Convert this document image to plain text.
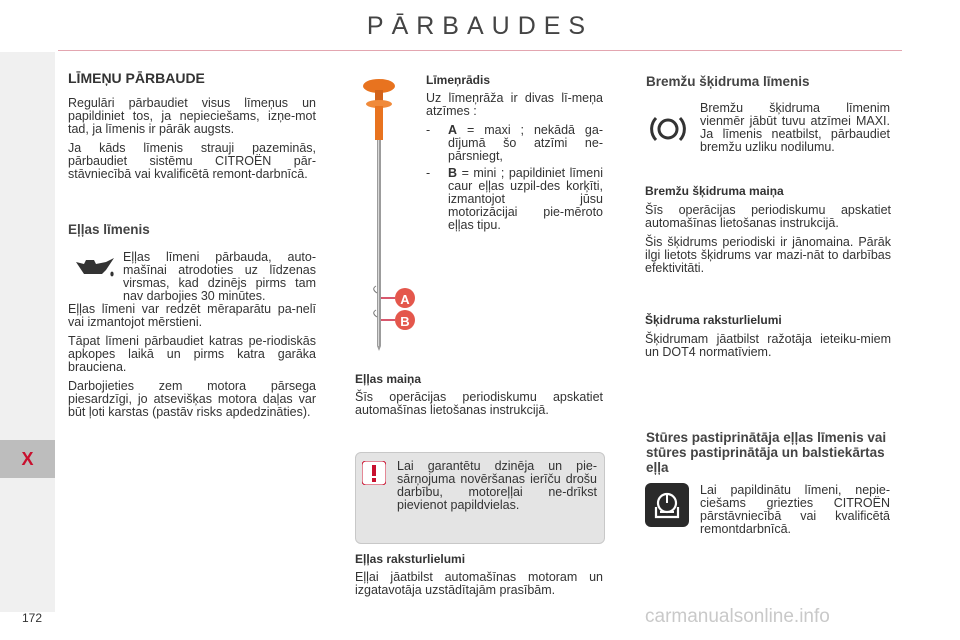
PĀRBAUDES
X
172
LĪMEŅU PĀRBAUDE

Regulāri pārbaudiet visus līmeņus un papildiniet tos, ja nepieciešams, izņe-mot tad, ja līmenis ir pārāk augsts.

Ja kāds līmenis strauji pazeminās, pārbaudiet sistēmu CITROËN pār-stāvniecībā vai kvalificētā remont-darbnīcā.

Eļļas līmenis

Eļļas līmeni pārbauda, auto-mašīnai atrodoties uz līdzenas virsmas, kad dzinējs pirms tam nav darbojies 30 minūtes.

Eļļas līmeni var redzēt mēraparātu pa-nelī vai izmantojot mērstieni.

Tāpat līmeni pārbaudiet katras pe-riodiskās apkopes laikā un pirms katra garāka brauciena.

Darbojieties zem motora pārsega piesardzīgi, jo atsevišķas motora daļas var būt ļoti karstas (pastāv risks apdedzināties).

A
B
Līmeņrādis

Uz līmeņrāža ir divas lī-meņa atzīmes :

- A = maxi ; nekādā ga-dījumā šo atzīmi ne-pārsniegt,
- B = mini ; papildiniet līmeni caur eļļas uzpil-des korķīti, izmantojot jūsu motorizācijai pie-mēroto eļļas tipu.
Eļļas maiņa

Šīs operācijas periodiskumu apskatiet automašīnas lietošanas instrukcijā.

Lai garantētu dzinēja un pie-sārņojuma novēršanas ierīču drošu darbību, motoreļļai ne-drīkst pievienot papildvielas.
Eļļas raksturlielumi

Eļļai jāatbilst automašīnas motoram un izgatavotāja uzstādītajām prasībām.

Bremžu šķidruma līmenis

Bremžu šķidruma līmenim vienmēr jābūt tuvu atzīmei MAXI. Ja līmenis neatbilst, pārbaudiet bremžu uzliku nodilumu.

Bremžu šķidruma maiņa

Šīs operācijas periodiskumu apskatiet automašīnas lietošanas instrukcijā.

Šis šķidrums periodiski ir jānomaina. Pārāk ilgi lietots šķidrums var mazi-nāt to darbības efektivitāti.

Šķidruma raksturlielumi

Šķidrumam jāatbilst ražotāja ieteiku-miem un DOT4 normatīviem.

Stūres pastiprinātāja eļļas līmenis vai stūres pastiprinātāja un balstiekārtas eļļa

Lai papildinātu līmeni, nepie-ciešams griezties CITROËN pārstāvniecībā vai kvalificētā remontdarbnīcā.

carmanualsonline.info
